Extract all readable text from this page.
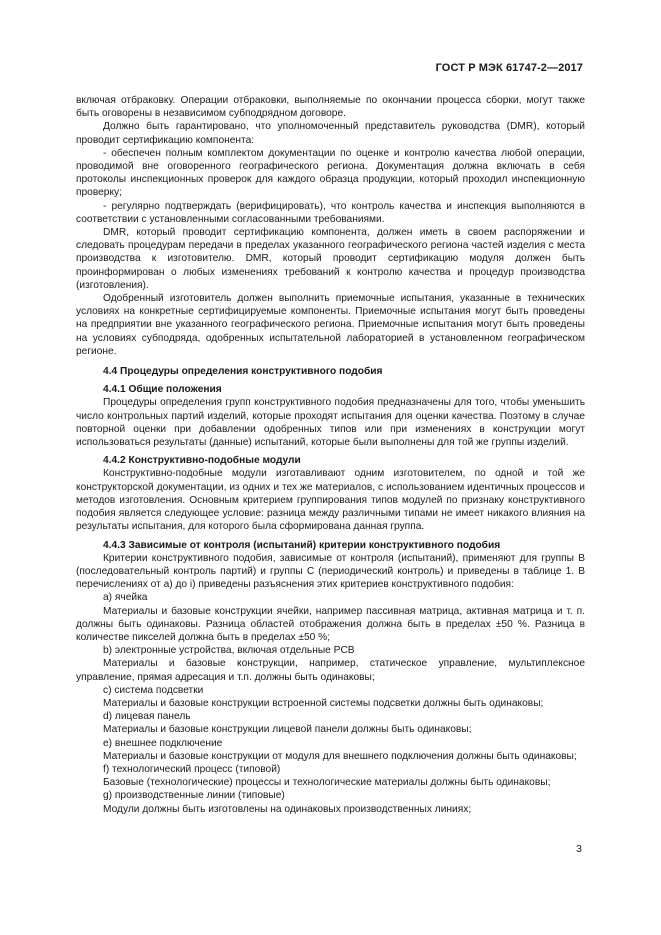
ГОСТ Р МЭК 61747-2—2017

включая отбраковку. Операции отбраковки, выполняемые по окончании процесса сборки, могут также быть оговорены в независимом субподрядном договоре.

Должно быть гарантировано, что уполномоченный представитель руководства (DMR), который проводит сертификацию компонента:

- обеспечен полным комплектом документации по оценке и контролю качества любой операции, проводимой вне оговоренного географического региона. Документация должна включать в себя протоколы инспекционных проверок для каждого образца продукции, который проходил инспекционную проверку;

- регулярно подтверждать (верифицировать), что контроль качества и инспекция выполняются в соответствии с установленными согласованными требованиями.

DMR, который проводит сертификацию компонента, должен иметь в своем распоряжении и следовать процедурам передачи в пределах указанного географического региона частей изделия с места производства к изготовителю. DMR, который проводит сертификацию модуля должен быть проинформирован о любых изменениях требований к контролю качества и процедур производства (изготовления).

Одобренный изготовитель должен выполнить приемочные испытания, указанные в технических условиях на конкретные сертифицируемые компоненты. Приемочные испытания могут быть проведены на предприятии вне указанного географического региона. Приемочные испытания могут быть проведены на условиях субподряда, одобренных испытательной лабораторией в установленном географическом регионе.

4.4 Процедуры определения конструктивного подобия
4.4.1 Общие положения

Процедуры определения групп конструктивного подобия предназначены для того, чтобы уменьшить число контрольных партий изделий, которые проходят испытания для оценки качества. Поэтому в случае повторной оценки при добавлении одобренных типов или при изменениях в конструкции могут использоваться результаты (данные) испытаний, которые были выполнены для той же группы изделий.

4.4.2 Конструктивно-подобные модули

Конструктивно-подобные модули изготавливают одним изготовителем, по одной и той же конструкторской документации, из одних и тех же материалов, с использованием идентичных процессов и методов изготовления. Основным критерием группирования типов модулей по признаку конструктивного подобия является следующее условие: разница между различными типами не имеет никакого влияния на результаты испытания, для которого была сформирована данная группа.

4.4.3 Зависимые от контроля (испытаний) критерии конструктивного подобия

Критерии конструктивного подобия, зависимые от контроля (испытаний), применяют для группы B (последовательный контроль партий) и группы C (периодический контроль) и приведены в таблице 1. В перечислениях от a) до i) приведены разъяснения этих критериев конструктивного подобия:

a) ячейка

Материалы и базовые конструкции ячейки, например пассивная матрица, активная матрица и т. п. должны быть одинаковы. Разница областей отображения должна быть в пределах ±50 %. Разница в количестве пикселей должна быть в пределах ±50 %;

b) электронные устройства, включая отдельные PCB

Материалы и базовые конструкции, например, статическое управление, мультиплексное управление, прямая адресация и т.п. должны быть одинаковы;

c) система подсветки

Материалы и базовые конструкции встроенной системы подсветки должны быть одинаковы;

d) лицевая панель

Материалы и базовые конструкции лицевой панели должны быть одинаковы;

e) внешнее подключение

Материалы и базовые конструкции от модуля для внешнего подключения должны быть одинаковы;

f) технологический процесс (типовой)

Базовые (технологические) процессы и технологические материалы должны быть одинаковы;

g) производственные линии (типовые)

Модули должны быть изготовлены на одинаковых производственных линиях;

3
